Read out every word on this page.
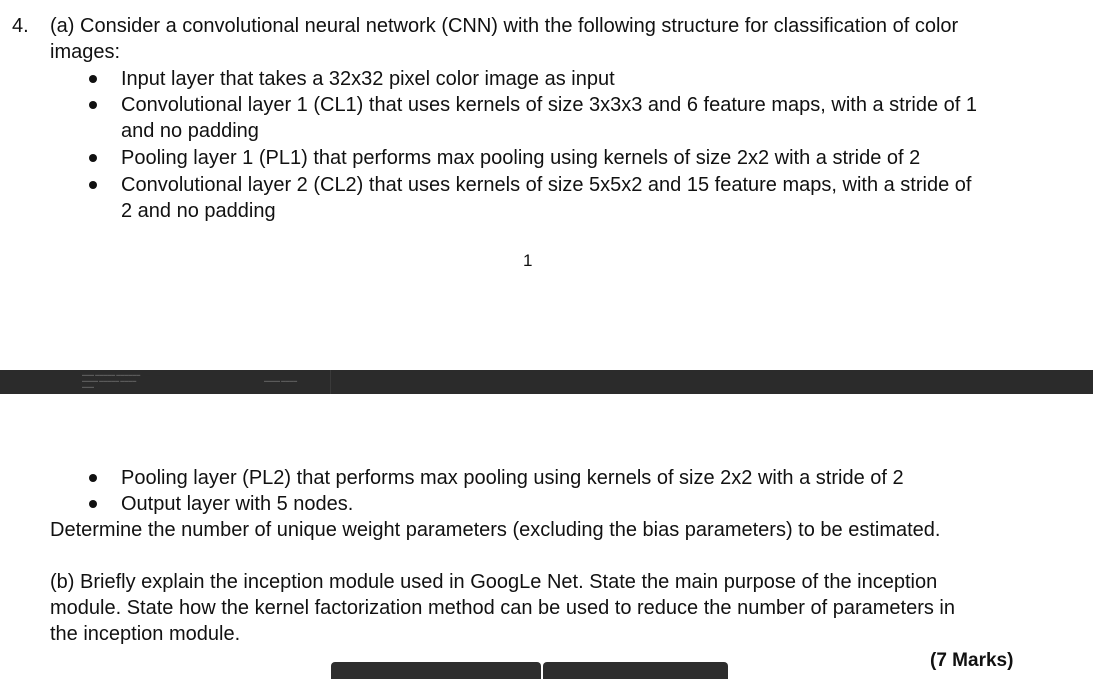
4. (a) Consider a convolutional neural network (CNN) with the following structure for classification of color
images:
Input layer that takes a 32x32 pixel color image as input
Convolutional layer 1 (CL1) that uses kernels of size 3x3x3 and 6 feature maps, with a stride of 1
and no padding
Pooling layer 1 (PL1) that performs max pooling using kernels of size 2x2 with a stride of 2
Convolutional layer 2 (CL2) that uses kernels of size 5x5x2 and 15 feature maps, with a stride of
2 and no padding
1
▬▬▬ ▬▬▬▬▬ ▬▬▬▬▬▬
▬▬▬▬ ▬▬▬▬▬ ▬▬▬▬
▬▬▬
▬▬▬▬ ▬▬▬▬
Pooling layer (PL2) that performs max pooling using kernels of size 2x2 with a stride of 2
Output layer with 5 nodes.
Determine the number of unique weight parameters (excluding the bias parameters) to be estimated.
(b) Briefly explain the inception module used in GoogLe Net. State the main purpose of the inception
module. State how the kernel factorization method can be used to reduce the number of parameters in
the inception module.
(7 Marks)
